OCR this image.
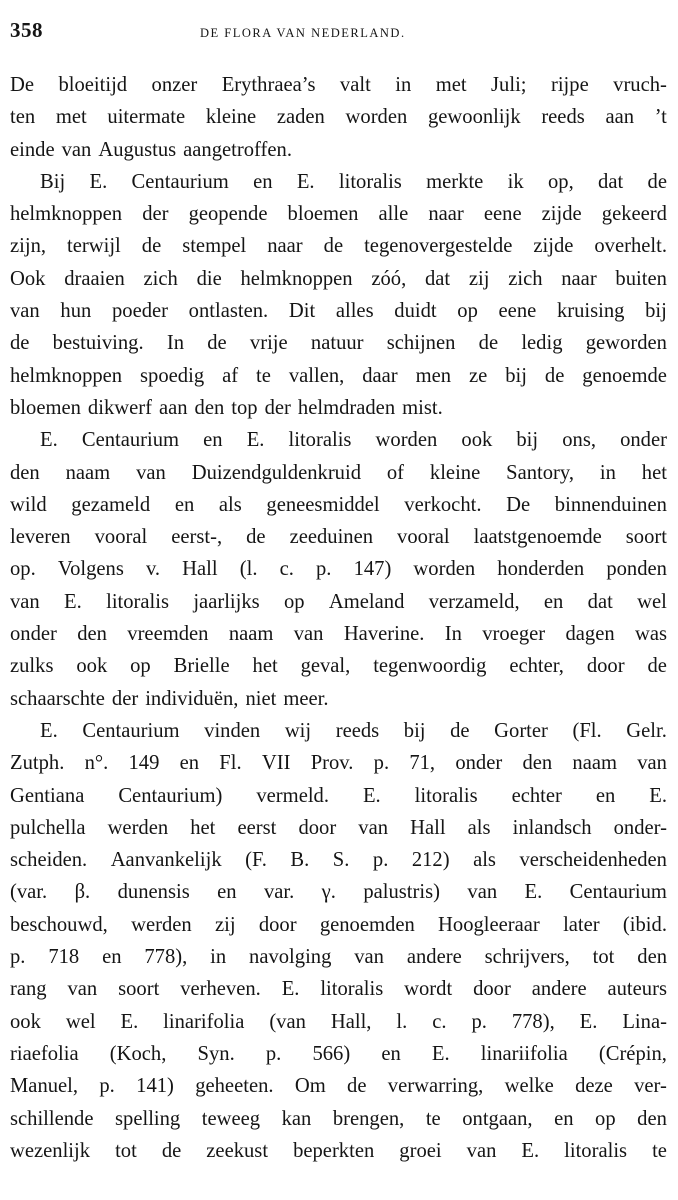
358	DE FLORA VAN NEDERLAND.
De bloeitijd onzer Erythraea’s valt in met Juli; rijpe vruch-
ten met uitermate kleine zaden worden gewoonlijk reeds aan ’t
einde van Augustus aangetroffen.
Bij E. Centaurium en E. litoralis merkte ik op, dat de
helmknoppen der geopende bloemen alle naar eene zijde gekeerd
zijn, terwijl de stempel naar de tegenovergestelde zijde overhelt.
Ook draaien zich die helmknoppen zóó, dat zij zich naar buiten
van hun poeder ontlasten. Dit alles duidt op eene kruising bij
de bestuiving. In de vrije natuur schijnen de ledig geworden
helmknoppen spoedig af te vallen, daar men ze bij de genoemde
bloemen dikwerf aan den top der helmdraden mist.
E. Centaurium en E. litoralis worden ook bij ons, onder
den naam van Duizendguldenkruid of kleine Santory, in het
wild gezameld en als geneesmiddel verkocht. De binnenduinen
leveren vooral eerst-, de zeeduinen vooral laatstgenoemde soort
op. Volgens v. Hall (l. c. p. 147) worden honderden ponden
van E. litoralis jaarlijks op Ameland verzameld, en dat wel
onder den vreemden naam van Haverine. In vroeger dagen was
zulks ook op Brielle het geval, tegenwoordig echter, door de
schaarschte der individuën, niet meer.
E. Centaurium vinden wij reeds bij de Gorter (Fl. Gelr.
Zutph. n°. 149 en Fl. VII Prov. p. 71, onder den naam van
Gentiana Centaurium) vermeld. E. litoralis echter en E.
pulchella werden het eerst door van Hall als inlandsch onder-
scheiden. Aanvankelijk (F. B. S. p. 212) als verscheidenheden
(var. β. dunensis en var. γ. palustris) van E. Centaurium
beschouwd, werden zij door genoemden Hoogleeraar later (ibid.
p. 718 en 778), in navolging van andere schrijvers, tot den
rang van soort verheven. E. litoralis wordt door andere auteurs
ook wel E. linarifolia (van Hall, l. c. p. 778), E. Lina-
riaefolia (Koch, Syn. p. 566) en E. linariifolia (Crépin,
Manuel, p. 141) geheeten. Om de verwarring, welke deze ver-
schillende spelling teweeg kan brengen, te ontgaan, en op den
wezenlijk tot de zeekust beperkten groei van E. litoralis te
